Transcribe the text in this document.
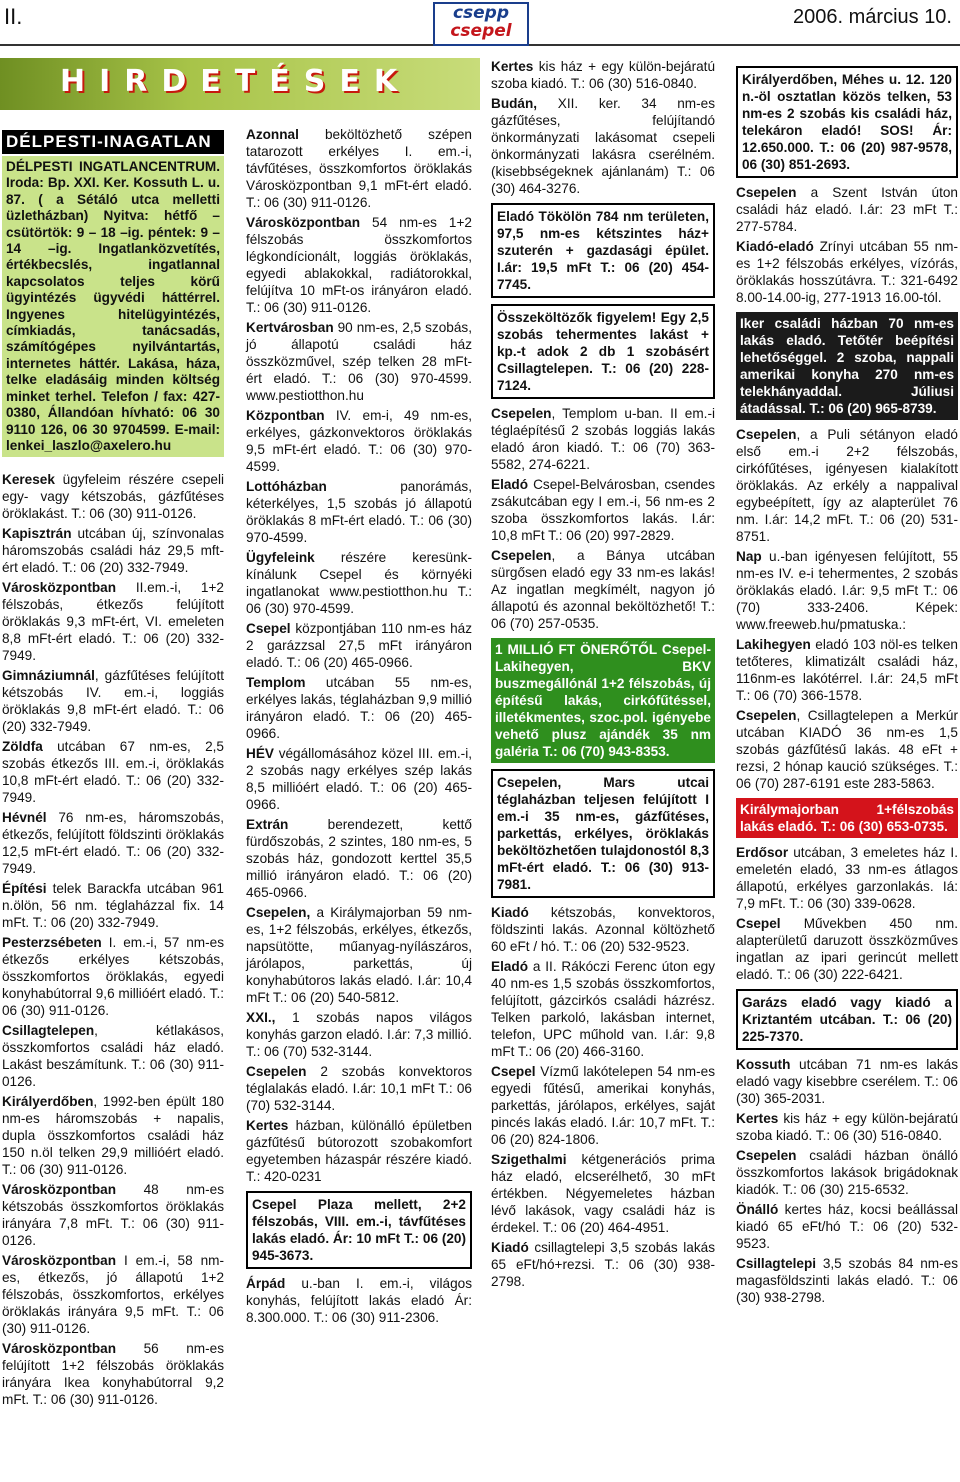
II.	csepp
csepel
2006. március 10.
HIRDETÉSEK
DÉLPESTI-INAGATLAN
DÉLPESTI INGATLANCENTRUM. Iroda: Bp. XXI. Ker. Kossuth L. u. 87. ( a Sétáló utca melletti üzletházban) Nyitva: hétfő – csütörtök: 9 – 18 –ig. péntek: 9 – 14 –ig. Ingatlanközvetítés, értékbecslés, ingatlannal kapcsolatos teljes körű ügyintézés ügyvédi háttérrel. Ingyenes hitelügyintézés, címkiadás, tanácsadás, számítógépes nyilvántartás, internetes háttér. Lakása, háza, telke eladásáig minden költség minket terhel. Telefon / fax: 427-0380, Állandóan hívható: 06 30 9110 126, 06 30 9704599. E-mail: lenkei_laszlo@axelero.hu

Keresek ügyfeleim részére csepeli egy- vagy kétszobás, gázfűtéses öröklakást. T.: 06 (30) 911-0126.

Kapisztrán utcában új, színvonalas háromszobás családi ház 29,5 mft-ért eladó. T.: 06 (20) 332-7949.

Városközpontban II.em.-i, 1+2 félszobás, étkezős felújított öröklakás 9,3 mFt-ért, VI. emeleten 8,8 mFt-ért eladó. T.: 06 (20) 332-7949.

Gimnáziumnál, gázfűtéses felújított kétszobás IV. em.-i, loggiás öröklakás 9,8 mFt-ért eladó. T.: 06 (20) 332-7949.

Zöldfa utcában 67 nm-es, 2,5 szobás étkezős III. em.-i, öröklakás 10,8 mFt-ért eladó. T.: 06 (20) 332-7949.

Hévnél 76 nm-es, háromszobás, étkezős, felújított földszinti öröklakás 12,5 mFt-ért eladó. T.: 06 (20) 332-7949.

Építési telek Barackfa utcában 961 n.ölön, 56 nm. téglaházzal fix. 14 mFt. T.: 06 (20) 332-7949.

Pesterzsébeten I. em.-i, 57 nm-es étkezős erkélyes kétszobás, összkomfortos öröklakás, egyedi konyhabútorral 9,6 millióért eladó. T.: 06 (30) 911-0126.

Csillagtelepen, kétlakásos, összkomfortos családi ház eladó. Lakást beszámítunk. T.: 06 (30) 911-0126.

Királyerdőben, 1992-ben épült 180 nm-es háromszobás + napalis, dupla összkomfortos családi ház 150 n.öl telken 29,9 millióért eladó. T.: 06 (30) 911-0126.

Városközpontban 48 nm-es kétszobás összkomfortos öröklakás irányára 7,8 mFt. T.: 06 (30) 911-0126.

Városközpontban I em.-i, 58 nm-es, étkezős, jó állapotú 1+2 félszobás, összkomfortos, erkélyes öröklakás irányára 9,5 mFt. T.: 06 (30) 911-0126.

Városközpontban 56 nm-es felújított 1+2 félszobás öröklakás irányára Ikea konyhabútorral 9,2 mFt. T.: 06 (30) 911-0126.

Azonnal beköltözhető szépen tatarozott erkélyes I. em.-i, távfűtéses, összkomfortos öröklakás Városközpontban 9,1 mFt-ért eladó. T.: 06 (30) 911-0126.

Városközpontban 54 nm-es 1+2 félszobás összkomfortos légkondícionált, loggiás öröklakás, egyedi ablakokkal, radiátorokkal, felújítva 10 mFt-os irányáron eladó. T.: 06 (30) 911-0126.

Kertvárosban 90 nm-es, 2,5 szobás, jó állapotú családi ház összközművel, szép telken 28 mFt-ért eladó. T.: 06 (30) 970-4599. www.pestiotthon.hu

Központban IV. em-i, 49 nm-es, erkélyes, gázkonvektoros öröklakás 9,5 mFt-ért eladó. T.: 06 (30) 970-4599.

Lottóházban panorámás, kéterkélyes, 1,5 szobás jó állapotú öröklakás 8 mFt-ért eladó. T.: 06 (30) 970-4599.

Ügyfeleink részére keresünk-kínálunk Csepel és környéki ingatlanokat www.pestiotthon.hu T.: 06 (30) 970-4599.

Csepel központjában 110 nm-es ház 2 garázzsal 27,5 mFt irányáron eladó. T.: 06 (20) 465-0966.

Templom utcában 55 nm-es, erkélyes lakás, téglaházban 9,9 millió irányáron eladó. T.: 06 (20) 465-0966.

HÉV végállomásához közel III. em.-i, 2 szobás nagy erkélyes szép lakás 8,5 millióért eladó. T.: 06 (20) 465-0966.

Extrán berendezett, kettő fürdőszobás, 2 szintes, 180 nm-es, 5 szobás ház, gondozott kerttel 35,5 millió irányáron eladó. T.: 06 (20) 465-0966.

Csepelen, a Királymajorban 59 nm-es, 1+2 félszobás, erkélyes, étkezős, napsütötte, műanyag-nyílászáros, járólapos, parkettás, új konyhabútoros lakás eladó. I.ár: 10,4 mFt T.: 06 (20) 540-5812.

XXI., 1 szobás napos világos konyhás garzon eladó. I.ár: 7,3 millió. T.: 06 (70) 532-3144.

Csepelen 2 szobás konvektoros téglalakás eladó. I.ár: 10,1 mFt T.: 06 (70) 532-3144.

Kertes házban, különálló épületben gázfűtésű bútorozott szobakomfort egyetemben házaspár részére kiadó. T.: 420-0231

Csepel Plaza mellett, 2+2 félszobás, VIII. em.-i, távfűtéses lakás eladó. Ár: 10 mFt T.: 06 (20) 945-3673.

Árpád u.-ban I. em.-i, világos konyhás, felújított lakás eladó Ár: 8.300.000. T.: 06 (30) 911-2306.

Kertes kis ház + egy külön-bejáratú szoba kiadó. T.: 06 (30) 516-0840.

Budán, XII. ker. 34 nm-es gázfűtéses, felújítandó önkormányzati lakásomat csepeli önkormányzati lakásra cserélném. (kisebbségeknek ajánlanám) T.: 06 (30) 464-3276.

Eladó Tökölön 784 nm területen, 97,5 nm-es kétszintes ház+ szuterén + gazdasági épület. I.ár: 19,5 mFt T.: 06 (20) 454-7745.
Összeköltözők figyelem! Egy 2,5 szobás tehermentes lakást + kp.-t adok 2 db 1 szobásért Csillagtelepen. T.: 06 (20) 228-7124.

Csepelen, Templom u-ban. II em.-i téglaépítésű 2 szobás loggiás lakás eladó áron kiadó. T.: 06 (70) 363-5582, 274-6221.

Eladó Csepel-Belvárosban, csendes zsákutcában egy I em.-i, 56 nm-es 2 szoba összkomfortos lakás. I.ár: 10,8 mFt T.: 06 (20) 997-2829.

Csepelen, a Bánya utcában sürgősen eladó egy 33 nm-es lakás! Az ingatlan megkímélt, nagyon jó állapotú és azonnal beköltözhető! T.: 06 (70) 257-0535.

1 MILLIÓ FT ÖNERŐTŐL Csepel-Lakihegyen, BKV buszmegállónál 1+2 félszobás, új építésű lakás, cirkófűtéssel, illetékmentes, szoc.pol. igényebe vehető plusz ajándék 35 nm galéria T.: 06 (70) 943-8353.
Csepelen, Mars utcai téglaházban teljesen felújított I em.-i 35 nm-es, gázfűtéses, parkettás, erkélyes, öröklakás beköltözhetően tulajdonostól 8,3 mFt-ért eladó. T.: 06 (30) 913-7981.

Kiadó kétszobás, konvektoros, földszinti lakás. Azonnal költözhető 60 eFt / hó. T.: 06 (20) 532-9523.

Eladó a II. Rákóczi Ferenc úton egy 40 nm-es 1,5 szobás összkomfortos, felújított, gázcirkós családi házrész. Telken parkoló, lakásban internet, telefon, UPC műhold van. I.ár: 9,8 mFt T.: 06 (20) 466-3160.

Csepel Vízmű lakótelepen 54 nm-es egyedi fűtésű, amerikai konyhás, parkettás, járólapos, erkélyes, saját pincés lakás eladó. I.ár: 10,7 mFt. T.: 06 (20) 824-1806.

Szigethalmi kétgenerációs prima ház eladó, elcserélhető, 30 mFt értékben. Négyemeletes házban lévő lakások, vagy családi ház is érdekel. T.: 06 (20) 464-4951.

Kiadó csillagtelepi 3,5 szobás lakás 65 eFt/hó+rezsi. T.: 06 (30) 938-2798.

Királyerdőben, Méhes u. 12. 120 n.-öl osztatlan közös telken, 53 nm-es 2 szobás kis családi ház, telekáron eladó! SOS! Ár: 12.650.000. T.: 06 (20) 987-9578, 06 (30) 851-2693.

Csepelen a Szent István úton családi ház eladó. I.ár: 23 mFt T.: 277-5784.

Kiadó-eladó Zrínyi utcában 55 nm-es 1+2 félszobás erkélyes, vízórás, öröklakás hosszútávra. T.: 321-6492 8.00-14.00-ig, 277-1913 16.00-tól.

Iker családi házban 70 nm-es lakás eladó. Tetőtér beépítési lehetőséggel. 2 szoba, nappali amerikai konyha 270 nm-es telekhányaddal. Júliusi átadással. T.: 06 (20) 965-8739.

Csepelen, a Puli sétányon eladó első em.-i 2+2 félszobás, cirkófűtéses, igényesen kialakított öröklakás. Az erkély a nappalival egybeépített, így az alapterület 76 nm. I.ár: 14,2 mFt. T.: 06 (20) 531-8751.

Nap u.-ban igényesen felújított, 55 nm-es IV. e-i tehermentes, 2 szobás öröklakás eladó. I.ár: 9,5 mFt T.: 06 (70) 333-2406. Képek: www.freeweb.hu/pmatuska.:

Lakihegyen eladó 103 nöl-es telken tetőteres, klimatizált családi ház, 116nm-es lakótérrel. I.ár: 24,5 mFt T.: 06 (70) 366-1578.

Csepelen, Csillagtelepen a Merkúr utcában KIADÓ 36 nm-es 1,5 szobás gázfűtésű lakás. 48 eFt + rezsi, 2 hónap kaució szükséges. T.: 06 (70) 287-6191 este 283-5863.

Királymajorban 1+félszobás lakás eladó. T.: 06 (30) 653-0735.

Erdősor utcában, 3 emeletes ház I. emeletén eladó, 33 nm-es átlagos állapotú, erkélyes garzonlakás. Iá: 7,9 mFt. T.: 06 (30) 339-0628.

Csepel Művekben 450 nm. alapterületű daruzott összközműves ingatlan az ipari gerincút mellett eladó. T.: 06 (30) 222-6421.

Garázs eladó vagy kiadó a Kriztantém utcában. T.: 06 (20) 225-7370.

Kossuth utcában 71 nm-es lakás eladó vagy kisebbre cserélem. T.: 06 (30) 365-2031.

Kertes kis ház + egy külön-bejáratú szoba kiadó. T.: 06 (30) 516-0840.

Csepelen családi házban önálló összkomfortos lakások brigádoknak kiadók. T.: 06 (30) 215-6532.

Önálló kertes ház, kocsi beállással kiadó 65 eFt/hó T.: 06 (20) 532-9523.

Csillagtelepi 3,5 szobás 84 nm-es magasföldszinti lakás eladó. T.: 06 (30) 938-2798.
